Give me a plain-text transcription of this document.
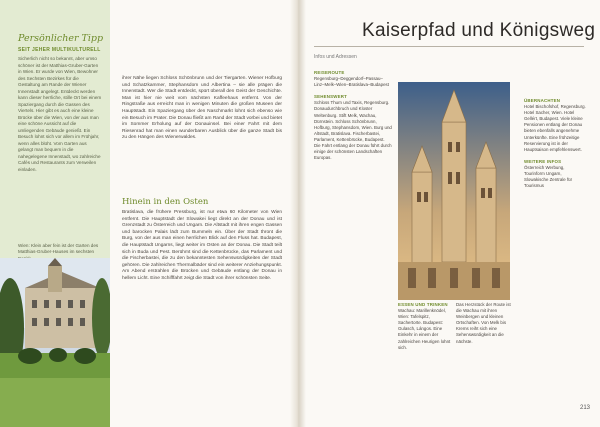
Persönlicher Tipp
SEIT JEHER MULTIKULTURELL
Sicherlich nicht so bekannt, aber umso schöner ist der Matthias-Gruber-Garten in Wien. Er wurde von Wien, Bewohner des Sechsten Bezirkes für die Gestaltung am Rande der Wiener Innenstadt angelegt. Entdeckt werden kann dieser herrliche, stille Ort bei einem Spaziergang durch die Gassen des Viertels. Hier gibt es auch eine kleine Brücke über die Wien, von der aus man eine schöne Aussicht auf die umliegenden Gebäude genießt. Ein Besuch lohnt sich vor allem im Frühjahr, wenn alles blüht. Vom Garten aus gelangt man bequem in die nahegelegene Innenstadt, wo zahlreiche Cafés und Restaurants zum Verweilen einladen.
Wien: Klein aber fein ist der Garten des Matthias-Gruber-Hauses im sechsten
ihrer Nähe liegen Schloss Schönbrunn und der Tiergarten. Wiener Hofburg und Schatzkammer, Stephansdom und Albertina – sie alle prägen die Innenstadt. Wer die Stadt entdeckt, spürt überall den Geist der Geschichte. Man ist hier nie weit vom nächsten Kaffeehaus entfernt. Von der Ringstraße aus erreicht man in wenigen Minuten die großen Museen der Hauptstadt. Ein Spaziergang über den Naschmarkt lohnt sich ebenso wie ein Besuch im Prater. Die Donau fließt am Rand der Stadt vorbei und bietet im Sommer Erholung auf der Donauinsel. Bei einer Fahrt mit dem Riesenrad hat man einen wunderbaren Ausblick über die ganze Stadt bis zu den Hängen des Wienerwaldes.
Hinein in den Osten
Bratislava, die frühere Pressburg, ist nur etwa 60 Kilometer von Wien entfernt. Die Hauptstadt der Slowakei liegt direkt an der Donau und ist Grenzstadt zu Österreich und Ungarn. Die Altstadt mit ihren engen Gassen und barocken Palais lädt zum Bummeln ein. Über der Stadt thront die Burg, von der aus man einen herrlichen Blick auf den Fluss hat. Budapest, die Hauptstadt Ungarns, liegt weiter im Osten an der Donau. Die Stadt teilt sich in Buda und Pest. Berühmt sind die Kettenbrücke, das Parlament und die Fischerbastei, die zu den bekanntesten Sehenswürdigkeiten der Stadt gehören. Die zahlreichen Thermalbäder sind ein weiterer Anziehungspunkt. Am Abend erstrahlen die Brücken und Gebäude entlang der Donau in hellem Licht. Eine Schifffahrt zeigt die Stadt von ihrer schönsten Seite.
Kaiserpfad und Königsweg
Infos und Adressen
REISEROUTE
Regensburg–Deggendorf–Passau–Linz–Melk–Wien–Bratislava–Budapest
SEHENSWERT
Schloss Thurn und Taxis, Regensburg. Donaudurchbruch und Kloster Weltenburg. Stift Melk, Wachau, Dürnstein. Schloss Schönbrunn, Hofburg, Stephansdom, Wien. Burg und Altstadt, Bratislava. Fischerbastei, Parlament, Kettenbrücke, Budapest. Die Fahrt entlang der Donau führt durch einige der schönsten Landschaften Europas.
ESSEN UND TRINKEN
Wachau: Marillenknödel, Wien: Tafelspitz, Sachertorte. Budapest: Gulasch, Lángos. Eine Einkehr in einem der zahlreichen Heurigen lohnt sich.
Das Herzstück der Route ist die Wachau mit ihren Weinbergen und kleinen Ortschaften. Von Melk bis Krems reiht sich eine Sehenswürdigkeit an die nächste.
ÜBERNACHTEN
Hotel Bischofshof, Regensburg. Hotel Sacher, Wien. Hotel Gellért, Budapest. Viele kleine Pensionen entlang der Donau bieten ebenfalls angenehme Unterkünfte. Eine frühzeitige Reservierung ist in der Hauptsaison empfehlenswert.
WEITERE INFOS
Österreich Werbung, Tourinform Ungarn, Slowakische Zentrale für Tourismus
213
